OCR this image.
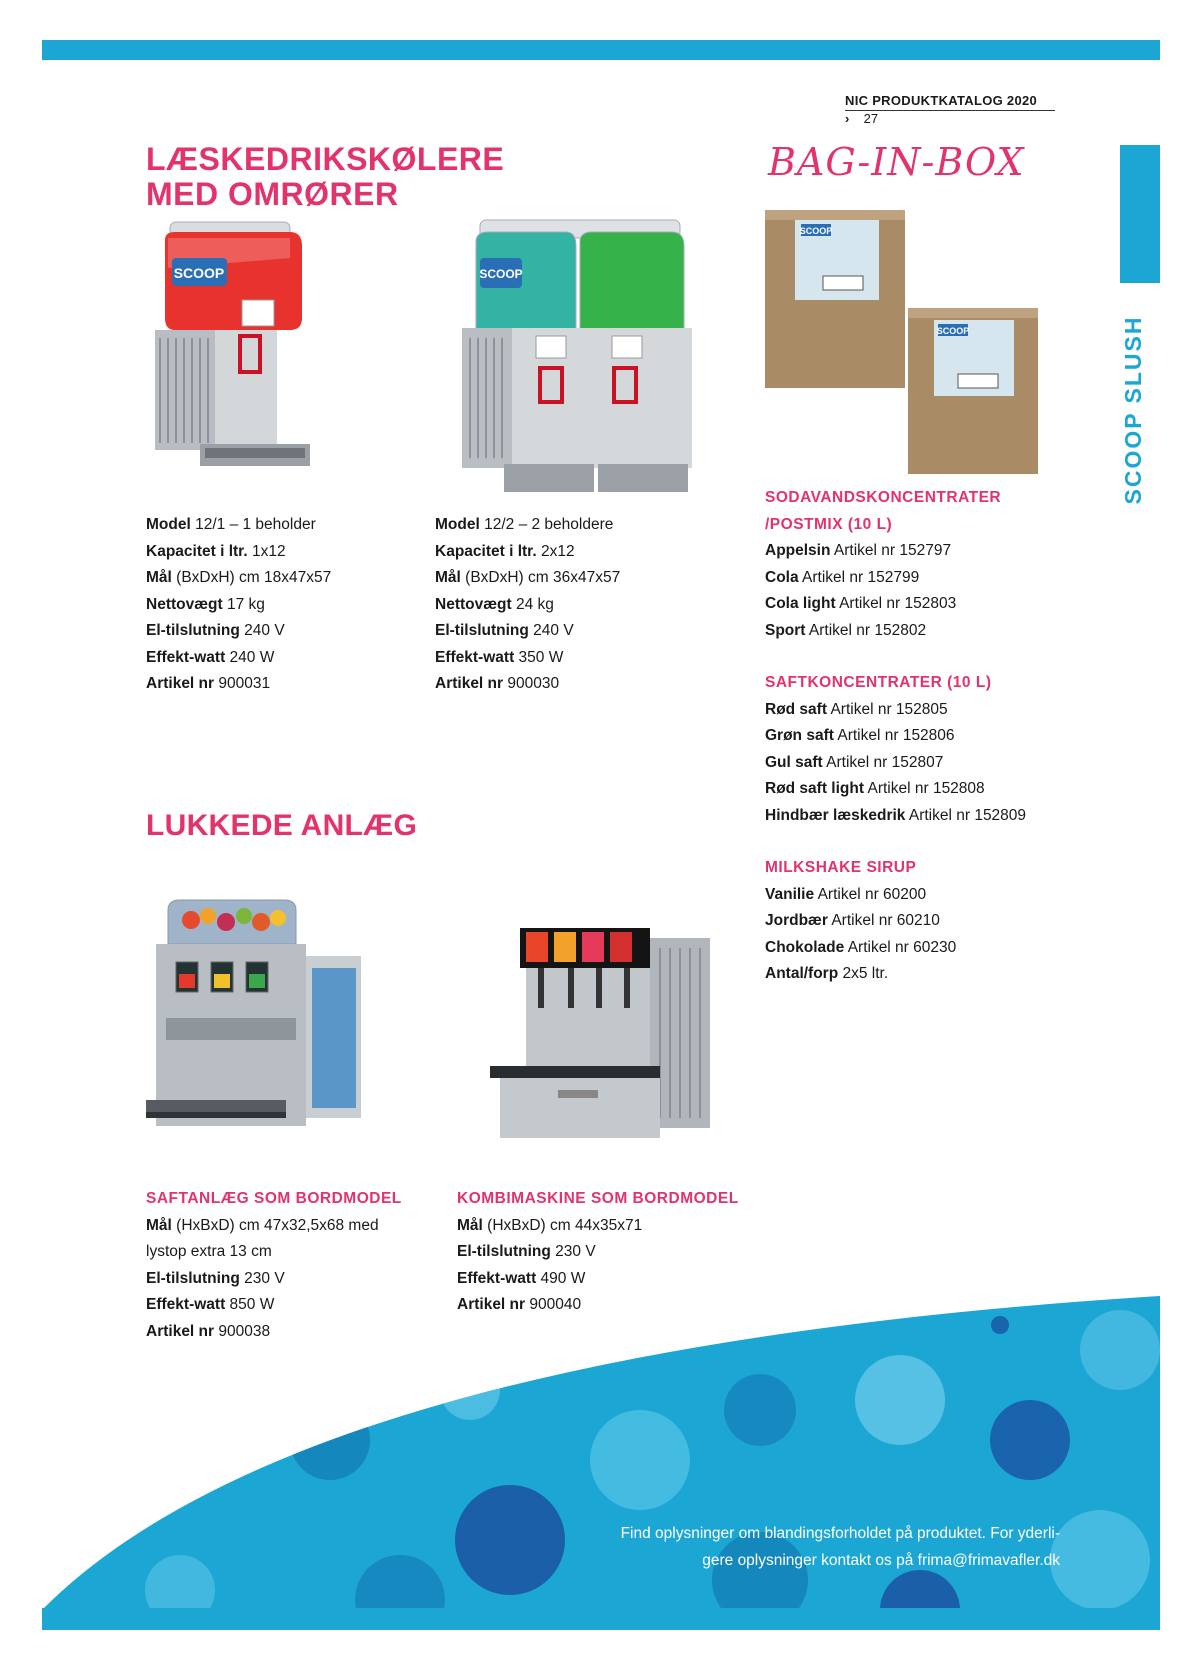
SCOOP SLUSH
NIC PRODUKTKATALOG 2020 › 27
LÆSKEDRIKSKØLERE
MED OMRØRER
BAG-IN-BOX
LUKKEDE ANLÆG
SCOOP	SCOOP
SCOOP
SCOOP
Model 12/1 – 1 beholder
Kapacitet i ltr. 1x12
Mål (BxDxH) cm 18x47x57
Nettovægt 17 kg
El-tilslutning 240 V
Effekt-watt 240 W
Artikel nr 900031
Model 12/2 – 2 beholdere
Kapacitet i ltr. 2x12
Mål (BxDxH) cm 36x47x57
Nettovægt 24 kg
El-tilslutning 240 V
Effekt-watt 350 W
Artikel nr 900030
SODAVANDSKONCENTRATER
/POSTMIX (10 L)
Appelsin Artikel nr 152797
Cola Artikel nr 152799
Cola light Artikel nr 152803
Sport Artikel nr 152802
SAFTKONCENTRATER (10 L)
Rød saft Artikel nr 152805
Grøn saft Artikel nr 152806
Gul saft Artikel nr 152807
Rød saft light Artikel nr 152808
Hindbær læskedrik Artikel nr 152809
MILKSHAKE SIRUP
Vanilie Artikel nr 60200
Jordbær Artikel nr 60210
Chokolade Artikel nr 60230
Antal/forp 2x5 ltr.
SAFTANLÆG SOM BORDMODEL
Mål (HxBxD) cm 47x32,5x68 med
lystop extra 13 cm
El-tilslutning 230 V
Effekt-watt 850 W
Artikel nr 900038
KOMBIMASKINE SOM BORDMODEL
Mål (HxBxD) cm 44x35x71
El-tilslutning 230 V
Effekt-watt 490 W
Artikel nr 900040
Find oplysninger om blandingsforholdet på produktet. For yderli-
gere oplysninger kontakt os på frima@frimavafler.dk
